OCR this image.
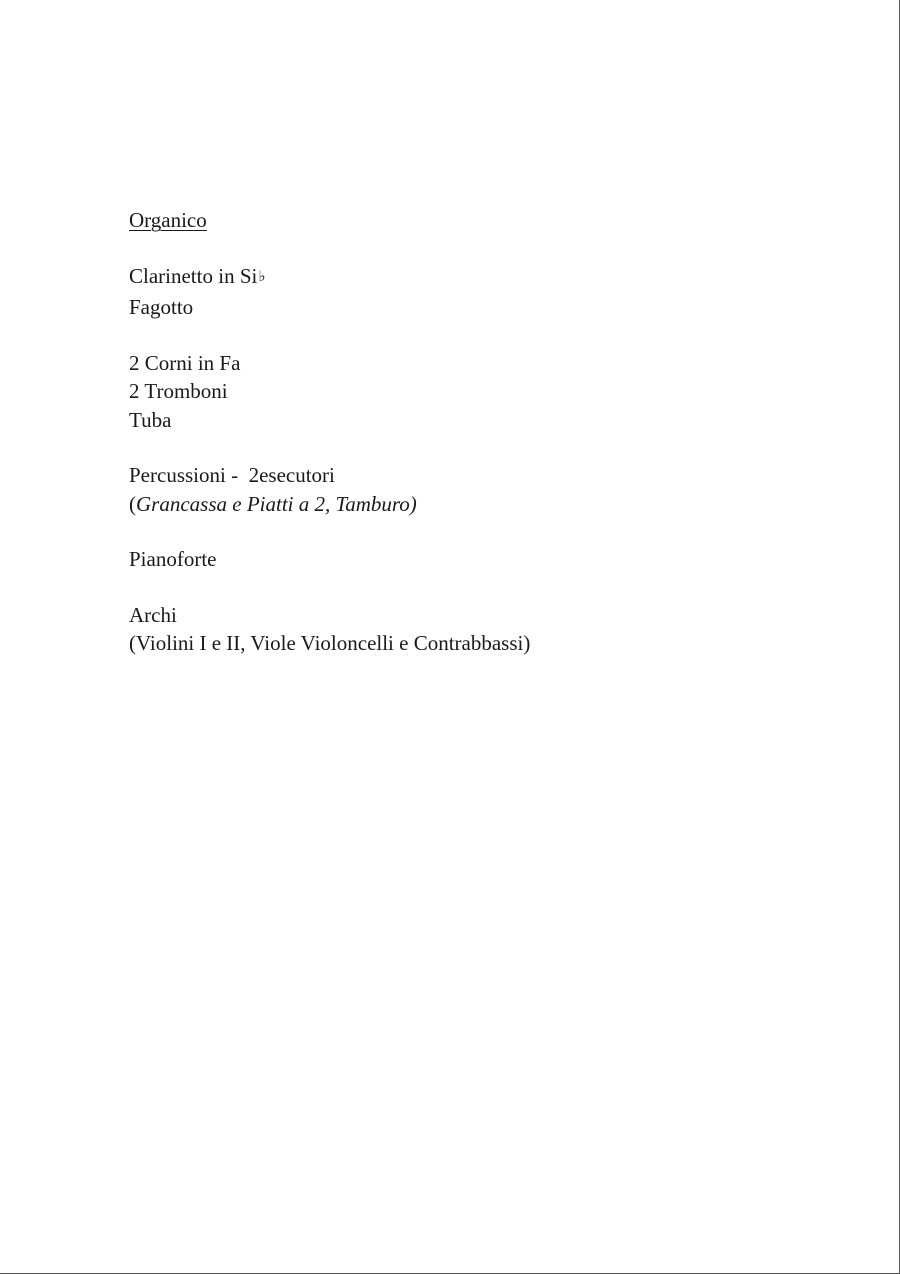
Organico
Clarinetto in Si♭
Fagotto
2 Corni in Fa
2 Tromboni
Tuba
Percussioni -  2esecutori
(Grancassa e Piatti a 2, Tamburo)
Pianoforte
Archi
(Violini I e II, Viole Violoncelli e Contrabbassi)
